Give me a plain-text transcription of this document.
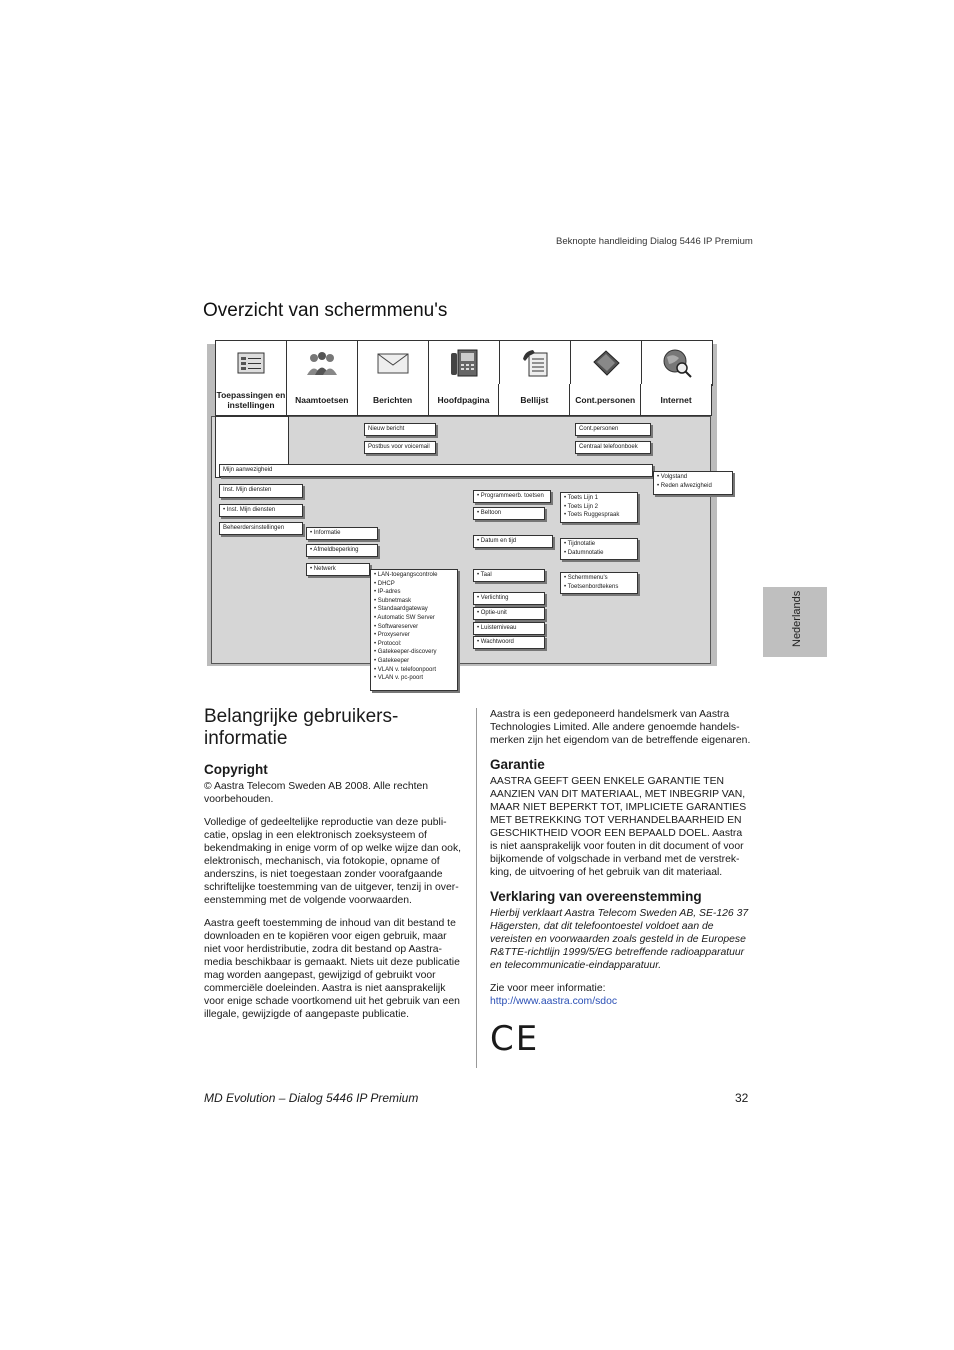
Beknopte handleiding Dialog 5446 IP Premium
Overzicht van schermmenu's
Toepassingen en instellingen	Naamtoetsen	Berichten	Hoofdpagina	Bellijst	Cont.personen	Internet
Nieuw bericht
Postbus voor voicemail
Cont.personen
Centraal telefoonboek
Mijn aanwezigheid
• Volgstand
• Reden afwezigheid
Inst. Mijn diensten
• Inst. Mijn diensten
Beheerdersinstellingen
• Informatie
• Afmeldbeperking
• Netwerk
• LAN-toegangscontrole
• DHCP
• IP-adres
• Subnetmask
• Standaardgateway
• Automatic SW Server
• Softwareserver
• Proxyserver
• Protocol:
• Gatekeeper-discovery
• Gatekeeper
• VLAN v. telefoonpoort
• VLAN v. pc-poort
• Programmeerb. toetsen	• Toets Lijn 1
• Toets Lijn 2
• Toets Ruggespraak
• Beltoon
• Datum en tijd	• Tijdnotatie
• Datumnotatie
• Taal	• Schermmenu's
• Toetsenbordtekens
• Verlichting
• Optie-unit
• Luisterniveau
• Wachtwoord	Nederlands
Belangrijke gebruikers-informatie
Copyright

© Aastra Telecom Sweden AB 2008. Alle rechten voorbehouden.

Volledige of gedeeltelijke reproductie van deze publi-catie, opslag in een elektronisch zoeksysteem of bekendmaking in enige vorm of op welke wijze dan ook, elektronisch, mechanisch, via fotokopie, opname of anderszins, is niet toegestaan zonder voorafgaande schriftelijke toestemming van de uitgever, tenzij in over-eenstemming met de volgende voorwaarden.

Aastra geeft toestemming de inhoud van dit bestand te downloaden en te kopiëren voor eigen gebruik, maar niet voor herdistributie, zodra dit bestand op Aastra-media beschikbaar is gemaakt. Niets uit deze publicatie mag worden aangepast, gewijzigd of gebruikt voor commerciële doeleinden. Aastra is niet aansprakelijk voor enige schade voortkomend uit het gebruik van een illegale, gewijzigde of aangepaste publicatie.

Aastra is een gedeponeerd handelsmerk van Aastra Technologies Limited. Alle andere genoemde handels-merken zijn het eigendom van de betreffende eigenaren.

Garantie

AASTRA GEEFT GEEN ENKELE GARANTIE TEN AANZIEN VAN DIT MATERIAAL, MET INBEGRIP VAN, MAAR NIET BEPERKT TOT, IMPLICIETE GARANTIES MET BETREKKING TOT VERHANDELBAARHEID EN GESCHIKTHEID VOOR EEN BEPAALD DOEL. Aastra is niet aansprakelijk voor fouten in dit document of voor bijkomende of volgschade in verband met de verstrek-king, de uitvoering of het gebruik van dit materiaal.

Verklaring van overeenstemming

Hierbij verklaart Aastra Telecom Sweden AB, SE-126 37 Hägersten, dat dit telefoontoestel voldoet aan de vereisten en voorwaarden zoals gesteld in de Europese R&TTE-richtlijn 1999/5/EG betreffende radioapparatuur en telecommunicatie-eindapparatuur.

Zie voor meer informatie:
http://www.aastra.com/sdoc

CE
MD Evolution – Dialog 5446 IP Premium	32
